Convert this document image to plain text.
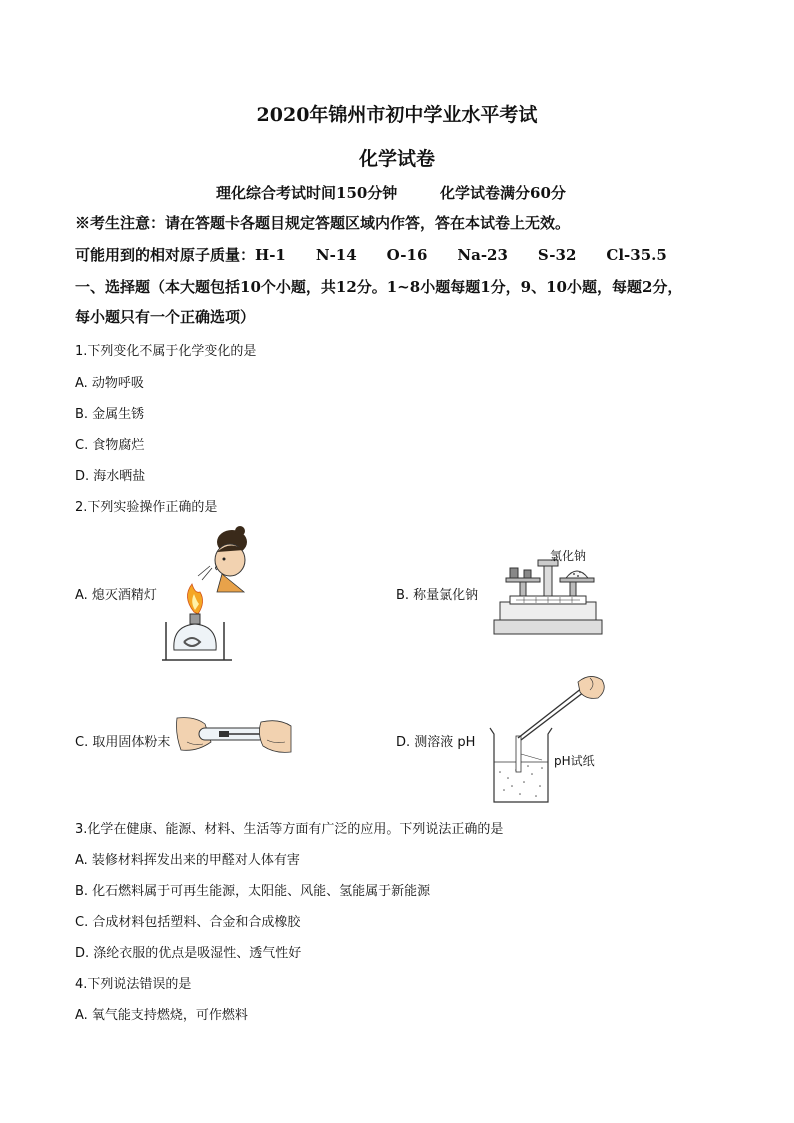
2020年锦州市初中学业水平考试
化学试卷
理化综合考试时间150分钟	化学试卷满分60分
※考生注意：请在答题卡各题目规定答题区域内作答，答在本试卷上无效。
可能用到的相对原子质量：H-1 N-14 O-16 Na-23 S-32 Cl-35.5
一、选择题（本大题包括10个小题，共12分。1~8小题每题1分，9、10小题，每题2分，
每小题只有一个正确选项）
1.下列变化不属于化学变化的是
A. 动物呼吸
B. 金属生锈
C. 食物腐烂
D. 海水晒盐
2.下列实验操作正确的是
A. 熄灭酒精灯	B. 称量氯化钠
氯化钠
C. 取用固体粉末	D. 测溶液 pH
pH试纸
3.化学在健康、能源、材料、生活等方面有广泛的应用。下列说法正确的是
A. 装修材料挥发出来的甲醛对人体有害
B. 化石燃料属于可再生能源，太阳能、风能、氢能属于新能源
C. 合成材料包括塑料、合金和合成橡胶
D. 涤纶衣服的优点是吸湿性、透气性好
4.下列说法错误的是
A. 氧气能支持燃烧，可作燃料
